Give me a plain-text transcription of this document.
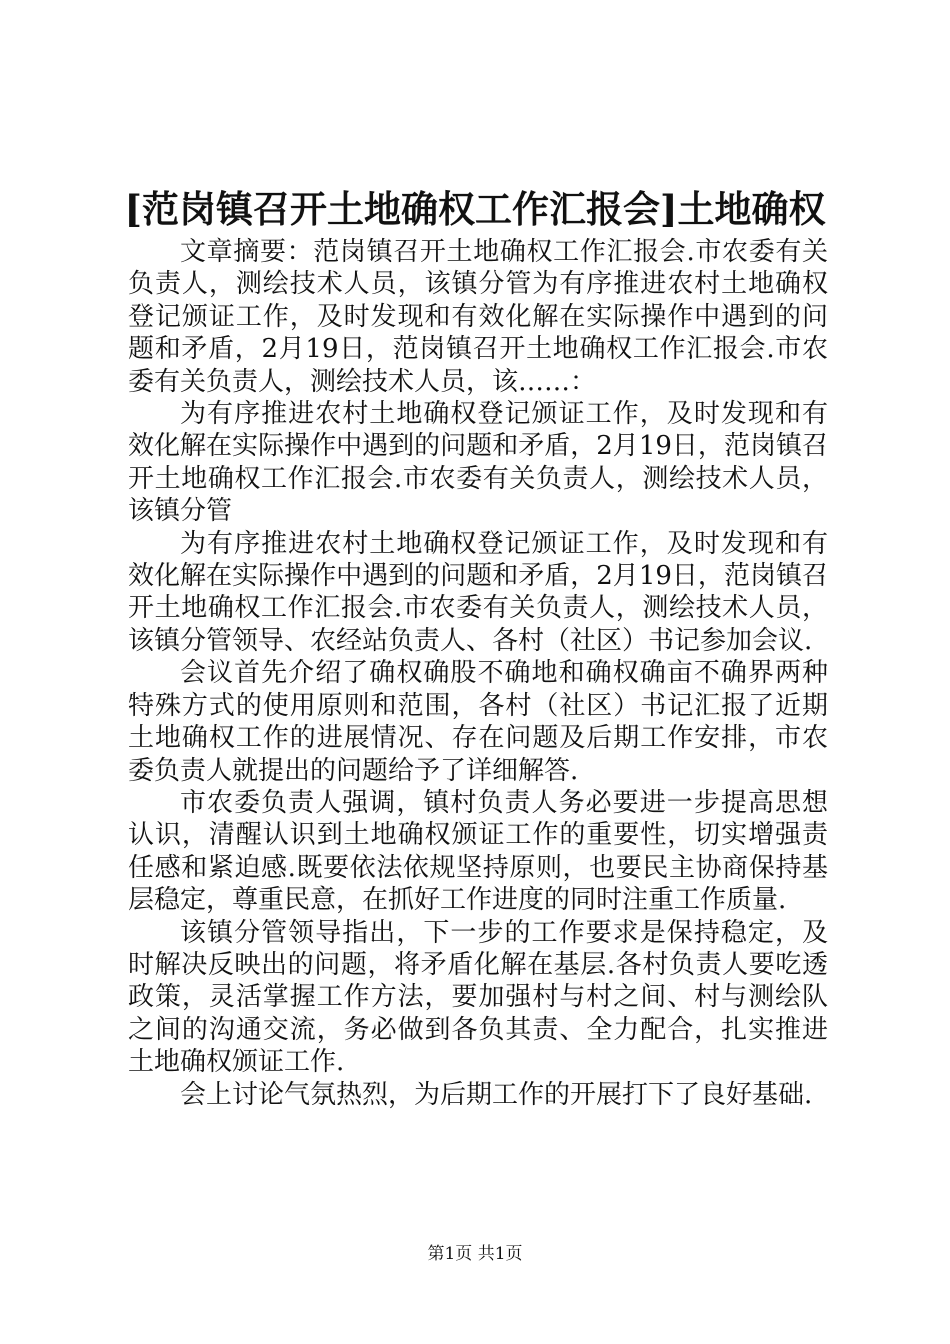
[范岗镇召开土地确权工作汇报会]土地确权

文章摘要：范岗镇召开土地确权工作汇报会.市农委有关负责人，测绘技术人员，该镇分管为有序推进农村土地确权登记颁证工作，及时发现和有效化解在实际操作中遇到的问题和矛盾，2月19日，范岗镇召开土地确权工作汇报会.市农委有关负责人，测绘技术人员，该……：

为有序推进农村土地确权登记颁证工作，及时发现和有效化解在实际操作中遇到的问题和矛盾，2月19日，范岗镇召开土地确权工作汇报会.市农委有关负责人，测绘技术人员，该镇分管

为有序推进农村土地确权登记颁证工作，及时发现和有效化解在实际操作中遇到的问题和矛盾，2月19日，范岗镇召开土地确权工作汇报会.市农委有关负责人，测绘技术人员，该镇分管领导、农经站负责人、各村（社区）书记参加会议.

会议首先介绍了确权确股不确地和确权确亩不确界两种特殊方式的使用原则和范围，各村（社区）书记汇报了近期土地确权工作的进展情况、存在问题及后期工作安排，市农委负责人就提出的问题给予了详细解答.

市农委负责人强调，镇村负责人务必要进一步提高思想认识，清醒认识到土地确权颁证工作的重要性，切实增强责任感和紧迫感.既要依法依规坚持原则，也要民主协商保持基层稳定，尊重民意，在抓好工作进度的同时注重工作质量.

该镇分管领导指出，下一步的工作要求是保持稳定，及时解决反映出的问题，将矛盾化解在基层.各村负责人要吃透政策，灵活掌握工作方法，要加强村与村之间、村与测绘队之间的沟通交流，务必做到各负其责、全力配合，扎实推进土地确权颁证工作.

会上讨论气氛热烈，为后期工作的开展打下了良好基础.

第1页 共1页
